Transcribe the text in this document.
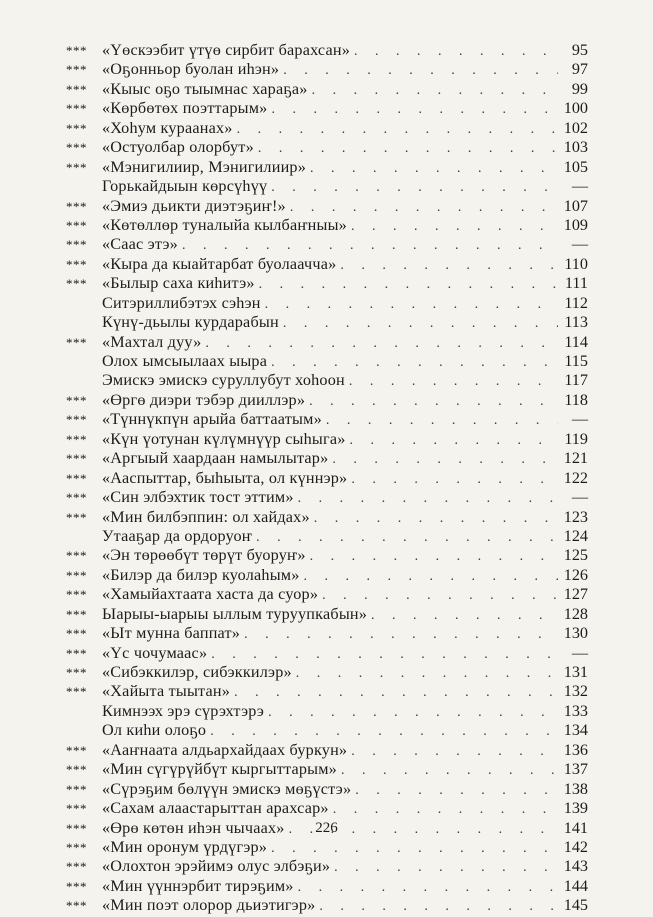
*** «Үөскээбит үтүө сирбит барахсан» . . .	95
*** «Оҕонньор буолан иһэн» . . .	97
*** «Кыыс оҕо тыымнас хараҕа» . . .	99
*** «Көрбөтөх поэттарым» . . .	100
*** «Хоһум кураанах» . . .	102
*** «Остуолбар олорбут» . . .	103
*** «Мэнигилиир, Мэнигилиир» . . .	105
Горькайдыын көрсүһүү . . .	—
*** «Эмиэ дьикти диэтэҕиҥ!» . . .	107
*** «Көтөллөр туналыйа кылбаҥныы» . . .	109
*** «Саас этэ» . . .	—
*** «Кыра да кыайтарбат буолаачча» . . .	110
*** «Былыр саха киһитэ» . . .	111
Ситэриллибэтэх сэһэн . . .	112
Күнү-дьылы курдарабын . . .	113
*** «Махтал дуу» . . .	114
Олох ымсыылаах ыыра . . .	115
Эмискэ эмискэ суруллубут хоһоон . . .	117
*** «Өргө диэри тэбэр дииллэр» . . .	118
*** «Түннүкпүн арыйа баттаатым» . . .	—
*** «Күн үотунан күлүмнүүр сыһыга» . . .	119
*** «Аргыый хаардаан намылытар» . . .	121
*** «Ааспыттар, быһыыта, ол күннэр» . . .	122
*** «Син элбэхтик тост эттим» . . .	—
*** «Мин билбэппин: ол хайдах» . . .	123
Утааҕар да ордоруоҥ . . .	124
*** «Эн төрөөбүт төрүт буоруҥ» . . .	125
*** «Билэр да билэр куолаһым» . . .	126
*** «Хамыйахтаата хаста да суор» . . .	127
*** Ыарыы-ыарыы ыллым туруупкабын» . . .	128
*** «Ыт мунна баппат» . . .	130
*** «Үс чочумаас» . . .	—
*** «Сибэккилэр, сибэккилэр» . . .	131
*** «Хайыта тыытан» . . .	132
Кимнээх эрэ сүрэхтэрэ . . .	133
Ол киһи олоҕо . . .	134
*** «Ааҥнаата алдьархайдаах буркун» . . .	136
*** «Мин сүгүрүйбүт кыргыттарым» . . .	137
*** «Сүрэҕим бөлүүн эмискэ мөҕүстэ» . . .	138
*** «Сахам алаастарыттан арахсар» . . .	139
*** «Өрө көтөн иһэн чычаах» . . .	141
*** «Мин оронум үрдүгэр» . . .	142
*** «Олохтон эрэйимэ олус элбэҕи» . . .	143
*** «Мин үүннэрбит тирэҕим» . . .	144
*** «Мин поэт олорор дьиэтигэр» . . .	145
226
